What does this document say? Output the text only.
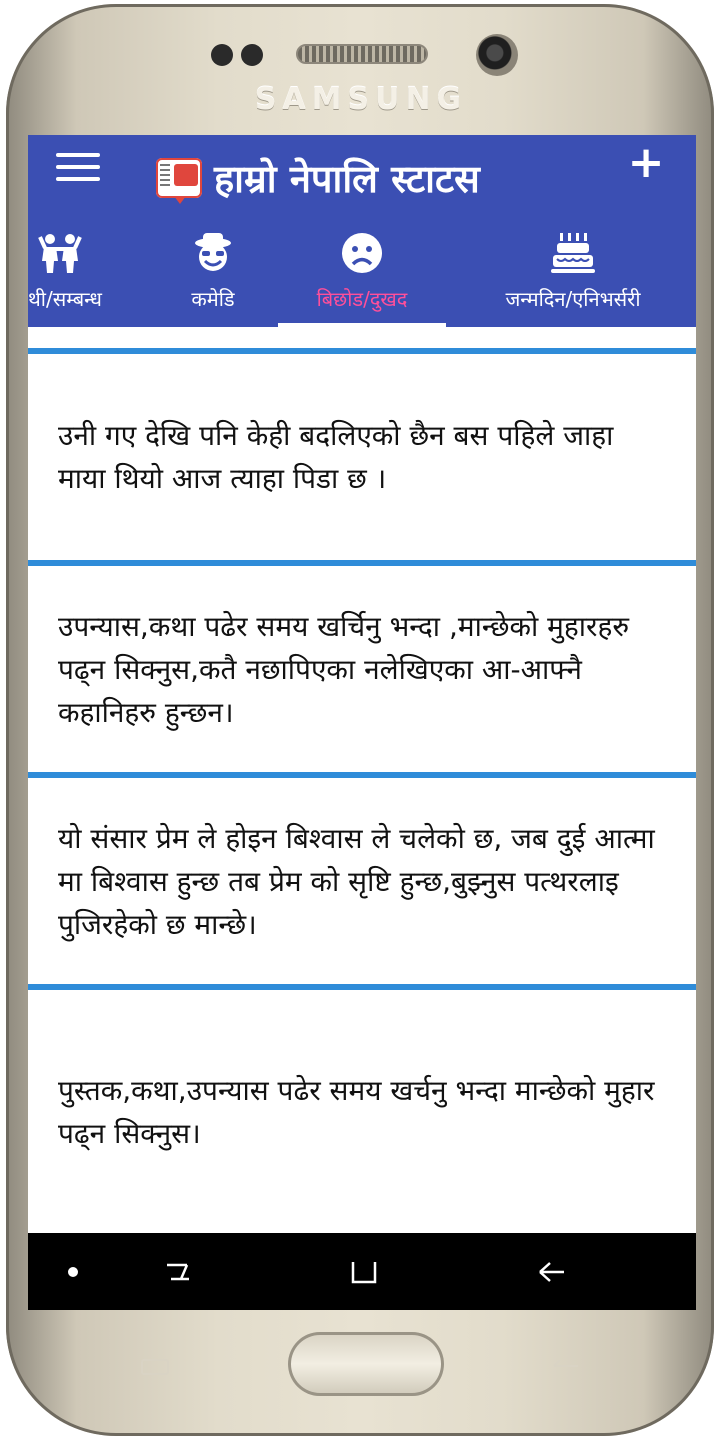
SAMSUNG
हाम्रो नेपालि स्टाटस	+
थी/सम्बन्ध	कमेडि	बिछोड/दुखद	जन्मदिन/एनिभर्सरी
उनी गए देखि पनि केही बदलिएको छैन बस पहिले जाहा माया थियो आज त्याहा पिडा छ ।
उपन्यास,कथा पढेर समय खर्चिनु भन्दा ,मान्छेको मुहारहरु पढ्न सिक्नुस,कतै नछापिएका नलेखिएका आ-आफ्नै कहानिहरु हुन्छन।
यो संसार प्रेम ले होइन बिश्वास ले चलेको छ, जब दुई आत्मा मा बिश्वास हुन्छ तब प्रेम को सृष्टि हुन्छ,बुझ्नुस पत्थरलाइ पुजिरहेको छ मान्छे।
पुस्तक,कथा,उपन्यास पढेर समय खर्चनु भन्दा मान्छेको मुहार पढ्न सिक्नुस।
